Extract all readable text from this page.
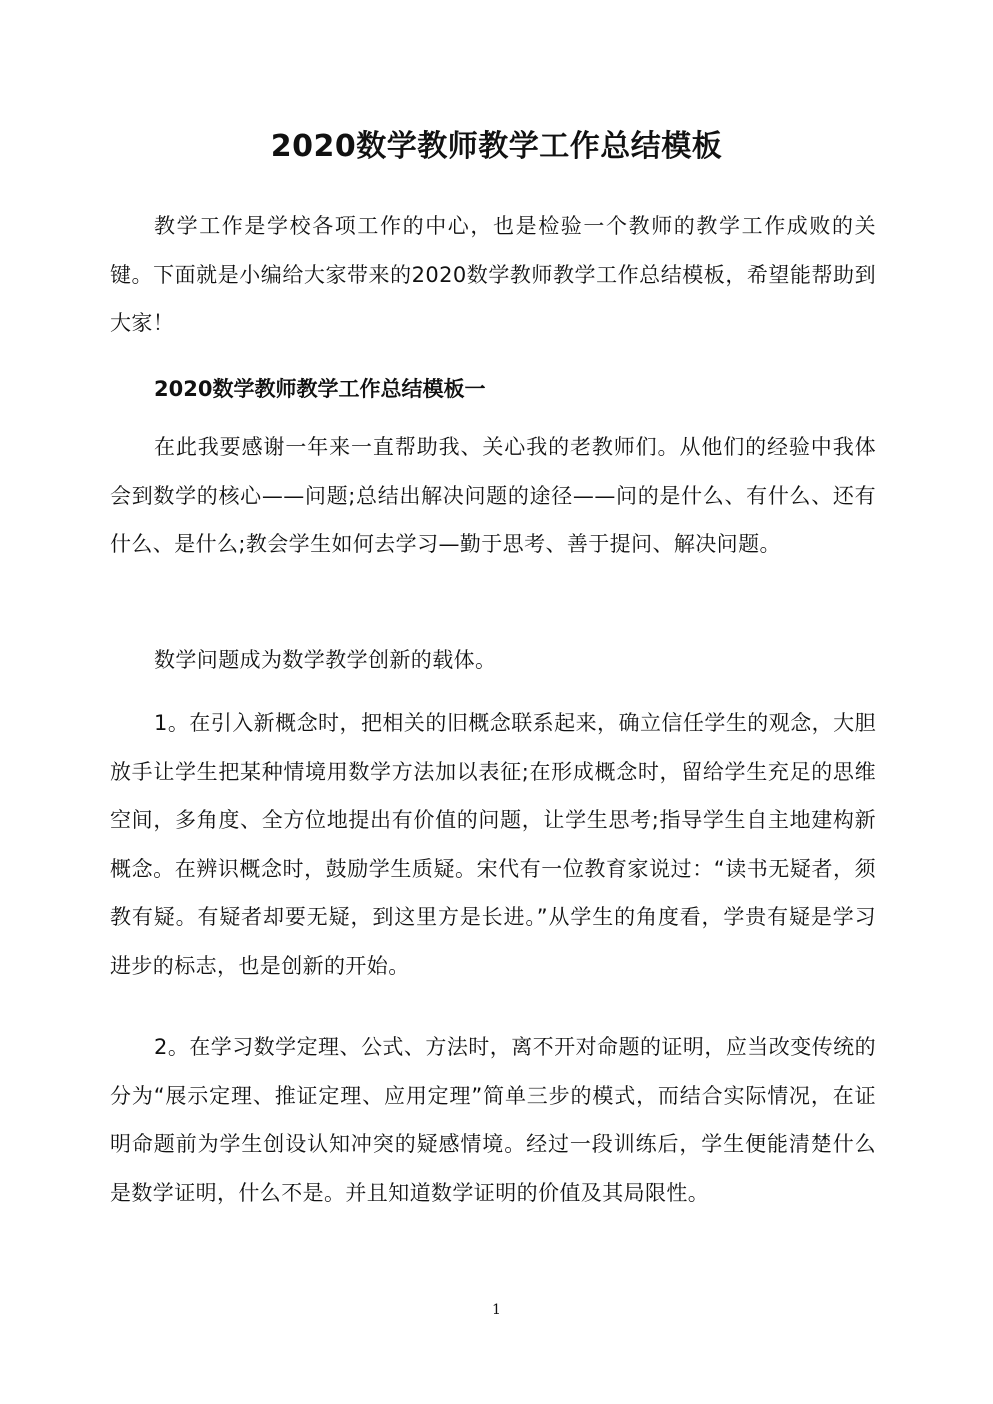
2020数学教师教学工作总结模板

教学工作是学校各项工作的中心，也是检验一个教师的教学工作成败的关键。下面就是小编给大家带来的2020数学教师教学工作总结模板，希望能帮助到大家！

2020数学教师教学工作总结模板一

在此我要感谢一年来一直帮助我、关心我的老教师们。从他们的经验中我体会到数学的核心——问题;总结出解决问题的途径——问的是什么、有什么、还有什么、是什么;教会学生如何去学习—勤于思考、善于提问、解决问题。

数学问题成为数学教学创新的载体。

1。在引入新概念时，把相关的旧概念联系起来，确立信任学生的观念，大胆放手让学生把某种情境用数学方法加以表征;在形成概念时，留给学生充足的思维空间，多角度、全方位地提出有价值的问题，让学生思考;指导学生自主地建构新概念。在辨识概念时，鼓励学生质疑。宋代有一位教育家说过：“读书无疑者，须教有疑。有疑者却要无疑，到这里方是长进。”从学生的角度看，学贵有疑是学习进步的标志，也是创新的开始。

2。在学习数学定理、公式、方法时，离不开对命题的证明，应当改变传统的分为“展示定理、推证定理、应用定理”简单三步的模式，而结合实际情况，在证明命题前为学生创设认知冲突的疑感情境。经过一段训练后，学生便能清楚什么是数学证明，什么不是。并且知道数学证明的价值及其局限性。

1
